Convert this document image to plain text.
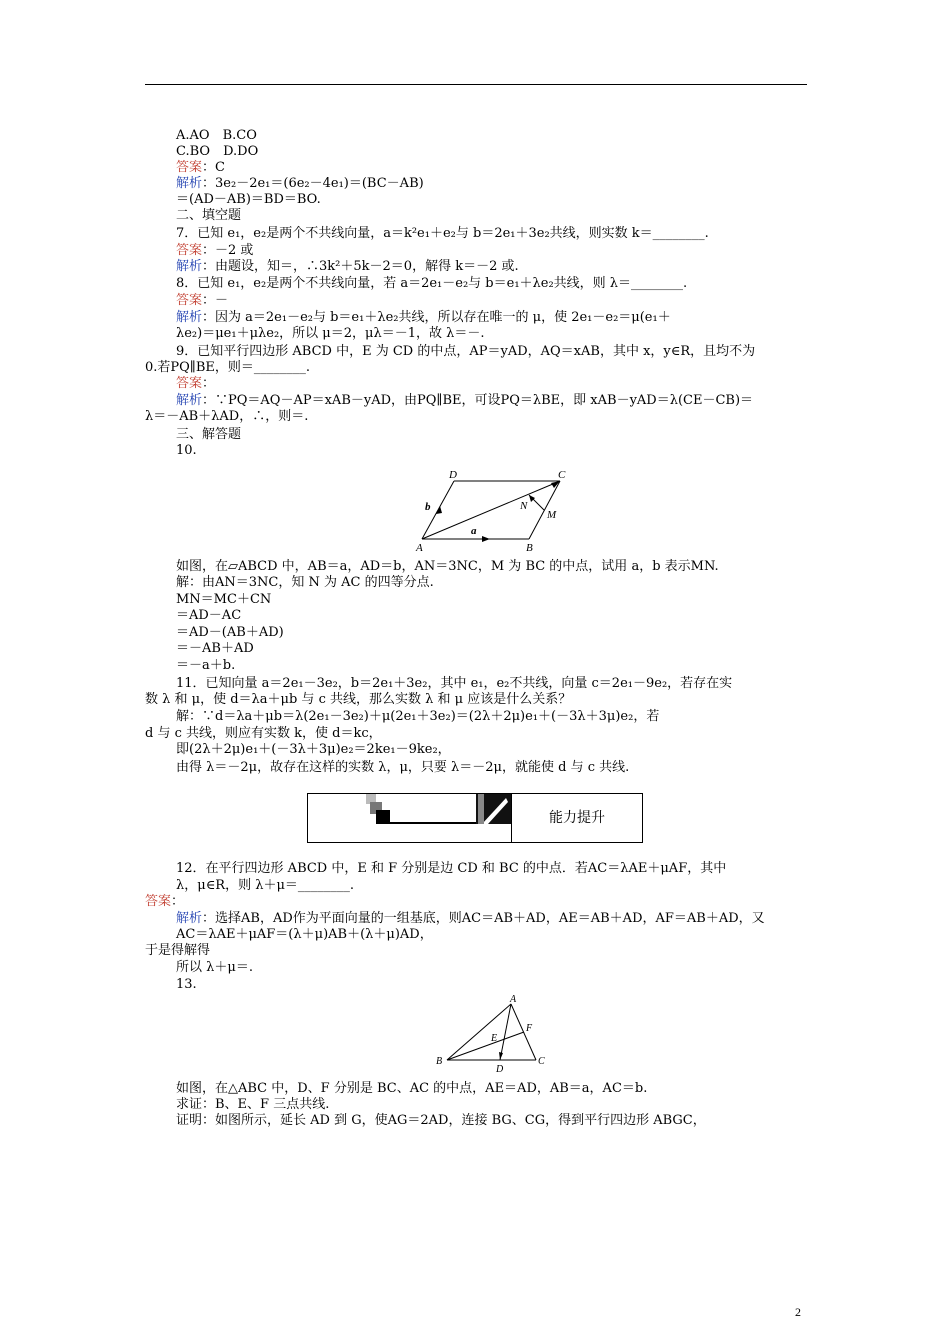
A.AO　B.CO
C.BO　D.DO
答案：C
解析：3e₂－2e₁＝(6e₂－4e₁)＝(BC－AB)
＝(AD－AB)＝BD＝BO.
二、填空题
7．已知 e₁，e₂是两个不共线向量，a＝k²e₁＋e₂与 b＝2e₁＋3e₂共线，则实数 k＝________.
答案：－2 或
解析：由题设，知＝，∴3k²＋5k－2＝0，解得 k＝－2 或.
8．已知 e₁，e₂是两个不共线向量，若 a＝2e₁－e₂与 b＝e₁＋λe₂共线，则 λ＝________.
答案：－
解析：因为 a＝2e₁－e₂与 b＝e₁＋λe₂共线，所以存在唯一的 μ，使 2e₁－e₂＝μ(e₁＋
λe₂)＝μe₁＋μλe₂，所以 μ＝2，μλ＝－1，故 λ＝－.
9．已知平行四边形 ABCD 中，E 为 CD 的中点，AP＝yAD，AQ＝xAB，其中 x，y∈R，且均不为
0.若PQ∥BE，则＝________.
答案：
解析：∵PQ＝AQ－AP＝xAB－yAD，由PQ∥BE，可设PQ＝λBE，即 xAB－yAD＝λ(CE－CB)＝
λ＝－AB＋λAD，∴，则＝.
三、解答题
10.
如图，在▱ABCD 中，AB＝a，AD＝b，AN＝3NC，M 为 BC 的中点，试用 a，b 表示MN.
解：由AN＝3NC，知 N 为 AC 的四等分点.
MN＝MC＋CN
＝AD－AC
＝AD－(AB＋AD)
＝－AB＋AD
＝－a＋b.
11．已知向量 a＝2e₁－3e₂，b＝2e₁＋3e₂，其中 e₁，e₂不共线，向量 c＝2e₁－9e₂，若存在实
数 λ 和 μ，使 d＝λa＋μb 与 c 共线，那么实数 λ 和 μ 应该是什么关系？
解：∵d＝λa＋μb＝λ(2e₁－3e₂)＋μ(2e₁＋3e₂)＝(2λ＋2μ)e₁＋(－3λ＋3μ)e₂，若
d 与 c 共线，则应有实数 k，使 d＝kc，
即(2λ＋2μ)e₁＋(－3λ＋3μ)e₂＝2ke₁－9ke₂，
由得 λ＝－2μ，故存在这样的实数 λ，μ，只要 λ＝－2μ，就能使 d 与 c 共线.
12．在平行四边形 ABCD 中，E 和 F 分别是边 CD 和 BC 的中点．若AC＝λAE＋μAF，其中
λ，μ∈R，则 λ＋μ＝________.
答案：
解析：选择AB，AD作为平面向量的一组基底，则AC＝AB＋AD，AE＝AB＋AD，AF＝AB＋AD，又
AC＝λAE＋μAF＝(λ＋μ)AB＋(λ＋μ)AD，
于是得解得
所以 λ＋μ＝.
13.
如图，在△ABC 中，D、F 分别是 BC、AC 的中点，AE＝AD，AB＝a，AC＝b.
求证：B、E、F 三点共线.
证明：如图所示，延长 AD 到 G，使AG＝2AD，连接 BG、CG，得到平行四边形 ABGC，
D	C
A	B
N
M
a
b
能力提升
A
B	C
D
E
F
2
